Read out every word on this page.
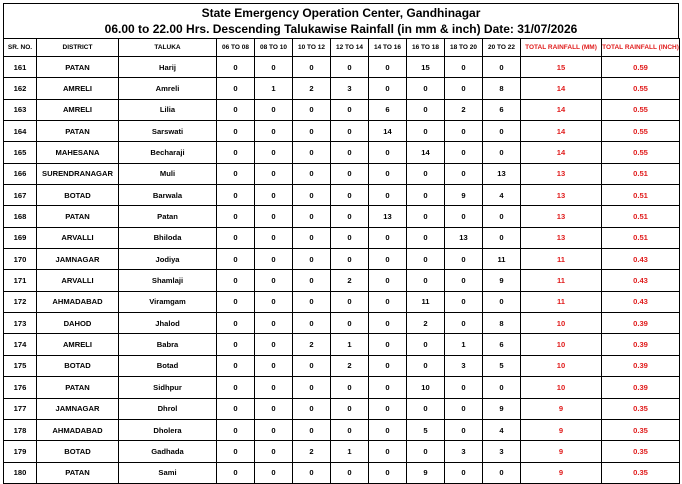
State Emergency Operation Center, Gandhinagar
06.00 to 22.00 Hrs. Descending Talukawise Rainfall (in mm & inch) Date: 31/07/2026
SR. NO.	DISTRICT	TALUKA	06 TO 08	08 TO 10	10 TO 12	12 TO 14	14 TO 16	16 TO 18	18 TO 20	20 TO 22	TOTAL RAINFALL (MM)	TOTAL RAINFALL (INCH)
161	PATAN	Harij	0	0	0	0	0	15	0	0	15	0.59
162	AMRELI	Amreli	0	1	2	3	0	0	0	8	14	0.55
163	AMRELI	Lilia	0	0	0	0	6	0	2	6	14	0.55
164	PATAN	Sarswati	0	0	0	0	14	0	0	0	14	0.55
165	MAHESANA	Becharaji	0	0	0	0	0	14	0	0	14	0.55
166	SURENDRANAGAR	Muli	0	0	0	0	0	0	0	13	13	0.51
167	BOTAD	Barwala	0	0	0	0	0	0	9	4	13	0.51
168	PATAN	Patan	0	0	0	0	13	0	0	0	13	0.51
169	ARVALLI	Bhiloda	0	0	0	0	0	0	13	0	13	0.51
170	JAMNAGAR	Jodiya	0	0	0	0	0	0	0	11	11	0.43
171	ARVALLI	Shamlaji	0	0	0	2	0	0	0	9	11	0.43
172	AHMADABAD	Viramgam	0	0	0	0	0	11	0	0	11	0.43
173	DAHOD	Jhalod	0	0	0	0	0	2	0	8	10	0.39
174	AMRELI	Babra	0	0	2	1	0	0	1	6	10	0.39
175	BOTAD	Botad	0	0	0	2	0	0	3	5	10	0.39
176	PATAN	Sidhpur	0	0	0	0	0	10	0	0	10	0.39
177	JAMNAGAR	Dhrol	0	0	0	0	0	0	0	9	9	0.35
178	AHMADABAD	Dholera	0	0	0	0	0	5	0	4	9	0.35
179	BOTAD	Gadhada	0	0	2	1	0	0	3	3	9	0.35
180	PATAN	Sami	0	0	0	0	0	9	0	0	9	0.35
